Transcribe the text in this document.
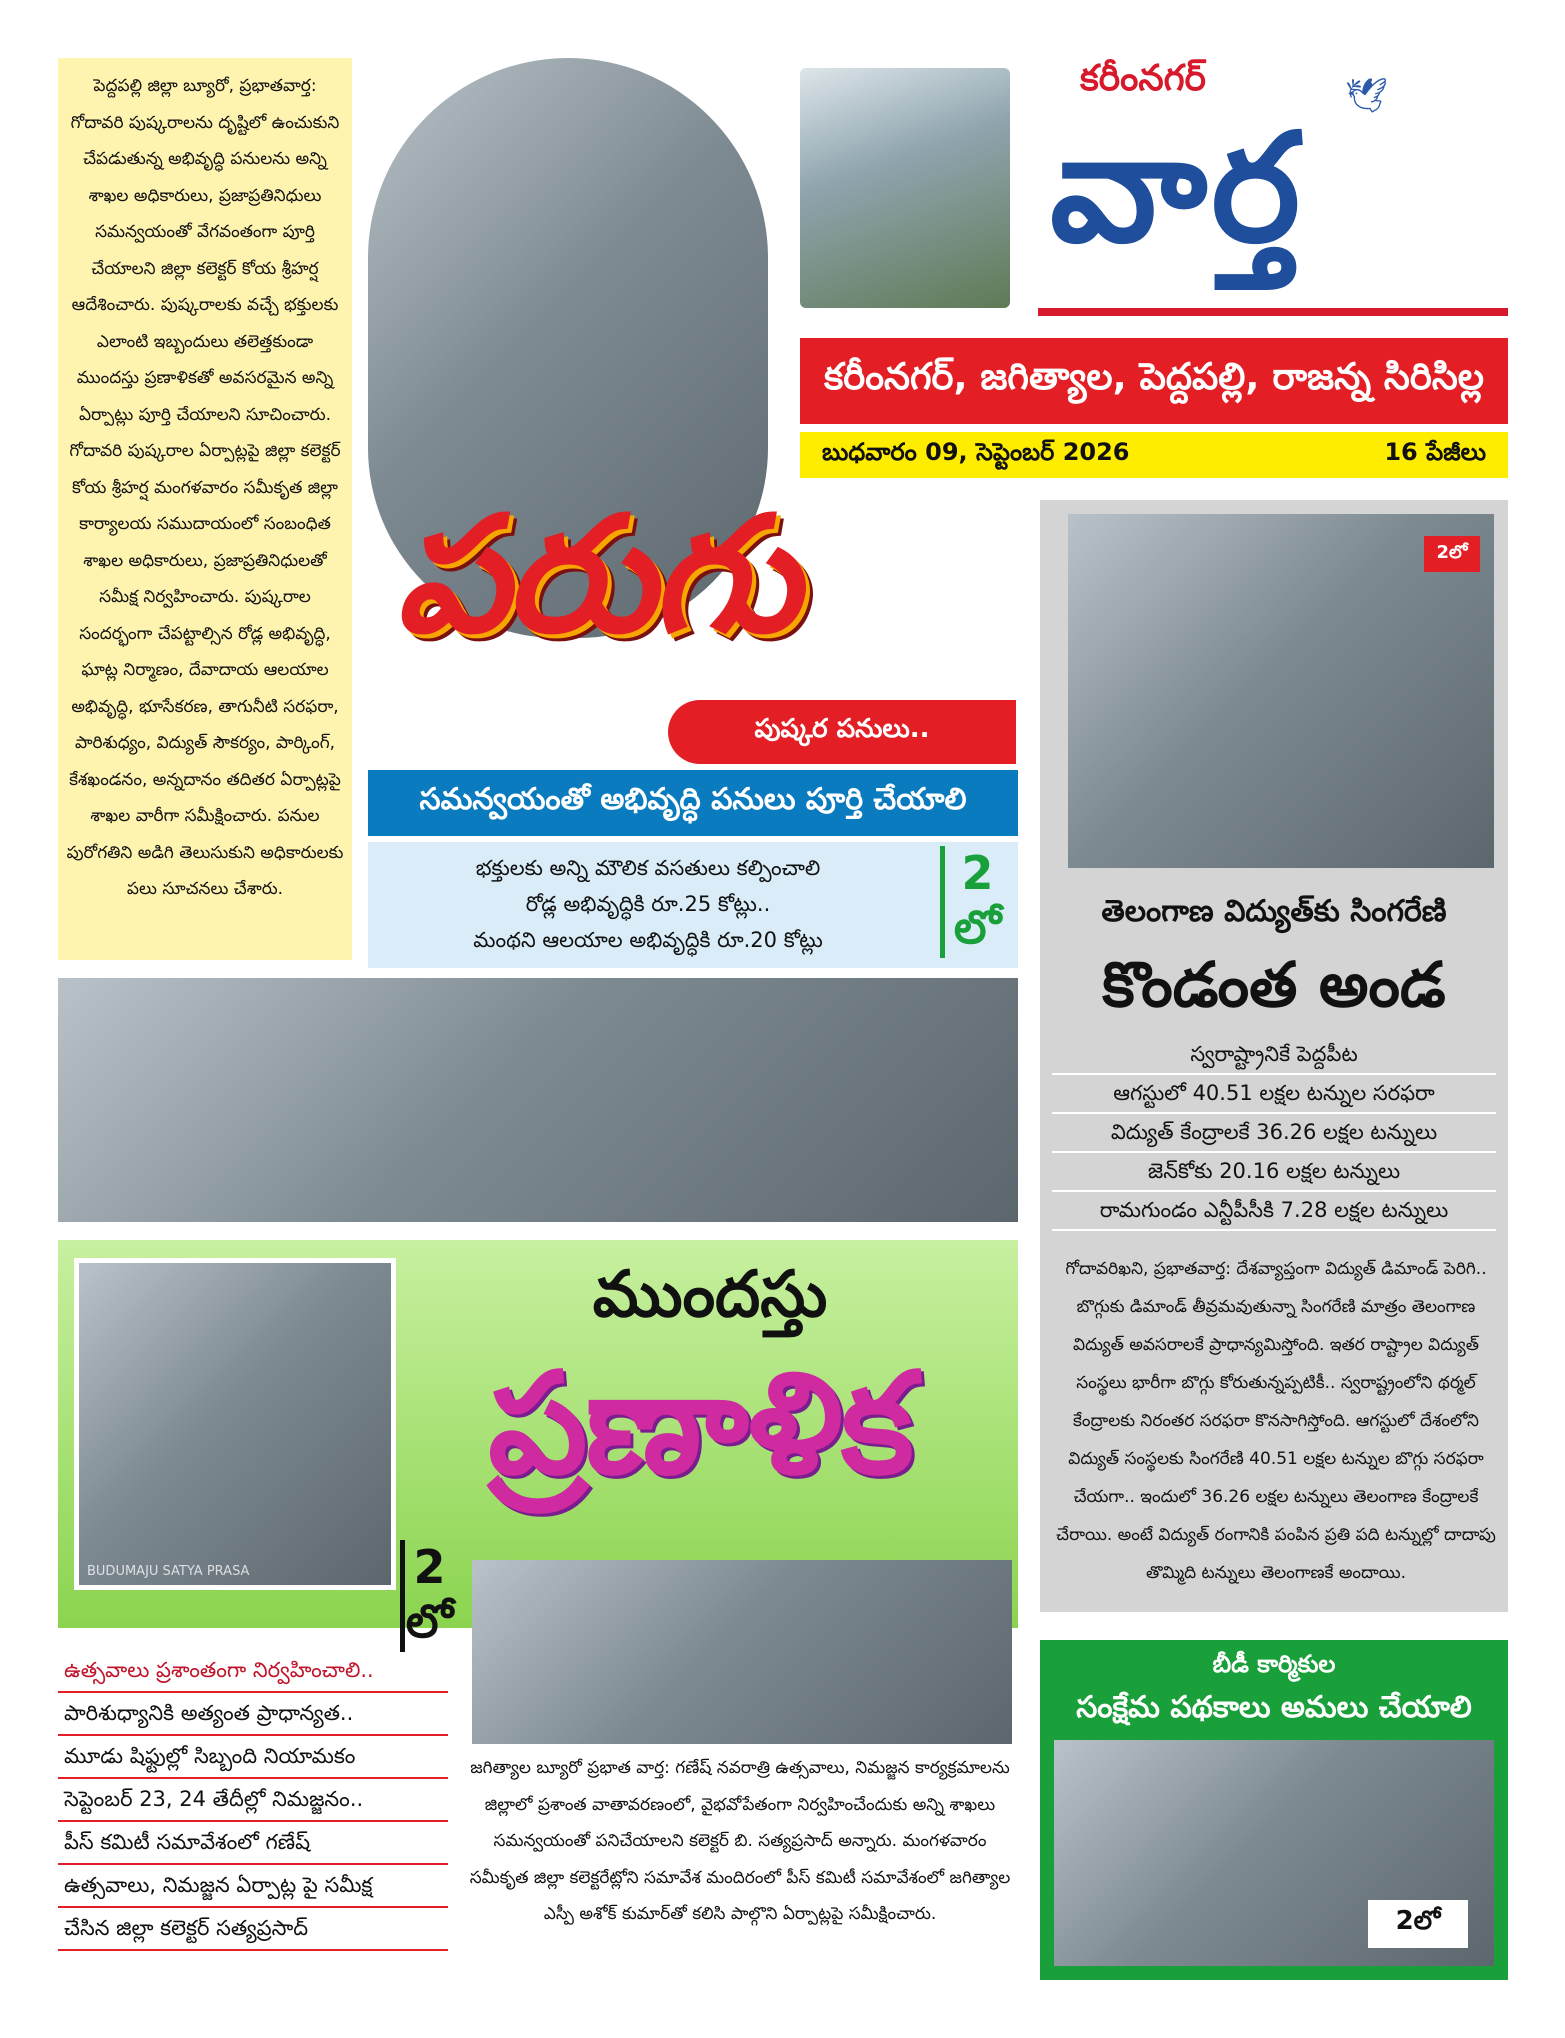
పెద్దపల్లి జిల్లా బ్యూరో, ప్రభాతవార్త: గోదావరి పుష్కరాలను దృష్టిలో ఉంచుకుని చేపడుతున్న అభివృద్ధి పనులను అన్ని శాఖల అధికారులు, ప్రజాప్రతినిధులు సమన్వయంతో వేగవంతంగా పూర్తి చేయాలని జిల్లా కలెక్టర్ కోయ శ్రీహర్ష ఆదేశించారు. పుష్కరాలకు వచ్చే భక్తులకు ఎలాంటి ఇబ్బందులు తలెత్తకుండా ముందస్తు ప్రణాళికతో అవసరమైన అన్ని ఏర్పాట్లు పూర్తి చేయాలని సూచించారు. గోదావరి పుష్కరాల ఏర్పాట్లపై జిల్లా కలెక్టర్ కోయ శ్రీహర్ష మంగళవారం సమీకృత జిల్లా కార్యాలయ సముదాయంలో సంబంధిత శాఖల అధికారులు, ప్రజాప్రతినిధులతో సమీక్ష నిర్వహించారు. పుష్కరాల సందర్భంగా చేపట్టాల్సిన రోడ్ల అభివృద్ధి, ఘాట్ల నిర్మాణం, దేవాదాయ ఆలయాల అభివృద్ధి, భూసేకరణ, తాగునీటి సరఫరా, పారిశుధ్యం, విద్యుత్ సౌకర్యం, పార్కింగ్, కేశఖండనం, అన్నదానం తదితర ఏర్పాట్లపై శాఖల వారీగా సమీక్షించారు. పనుల పురోగతిని అడిగి తెలుసుకుని అధికారులకు పలు సూచనలు చేశారు.

కరీంనగర్	🕊
వార్త
కరీంనగర్, జగిత్యాల, పెద్దపల్లి, రాజన్న సిరిసిల్ల
బుధవారం 09, సెప్టెంబర్ 2026	16 పేజీలు
పరుగు
పుష్కర పనులు..
సమన్వయంతో అభివృద్ధి పనులు పూర్తి చేయాలి

భక్తులకు అన్ని మౌలిక వసతులు కల్పించాలి

రోడ్ల అభివృద్ధికి రూ.25 కోట్లు..

మంథని ఆలయాల అభివృద్ధికి రూ.20 కోట్లు

2
లో
2లో
తెలంగాణ విద్యుత్‌కు సింగరేణి
కొండంత అండ
స్వరాష్ట్రానికే పెద్దపీట
ఆగస్టులో 40.51 లక్షల టన్నుల సరఫరా
విద్యుత్ కేంద్రాలకే 36.26 లక్షల టన్నులు
జెన్‌కోకు 20.16 లక్షల టన్నులు
రామగుండం ఎన్టీపీసీకి 7.28 లక్షల టన్నులు

గోదావరిఖని, ప్రభాతవార్త: దేశవ్యాప్తంగా విద్యుత్ డిమాండ్ పెరిగి.. బొగ్గుకు డిమాండ్ తీవ్రమవుతున్నా సింగరేణి మాత్రం తెలంగాణ విద్యుత్ అవసరాలకే ప్రాధాన్యమిస్తోంది. ఇతర రాష్ట్రాల విద్యుత్ సంస్థలు భారీగా బొగ్గు కోరుతున్నప్పటికీ.. స్వరాష్ట్రంలోని థర్మల్ కేంద్రాలకు నిరంతర సరఫరా కొనసాగిస్తోంది. ఆగస్టులో దేశంలోని విద్యుత్ సంస్థలకు సింగరేణి 40.51 లక్షల టన్నుల బొగ్గు సరఫరా చేయగా.. ఇందులో 36.26 లక్షల టన్నులు తెలంగాణ కేంద్రాలకే చేరాయి. అంటే విద్యుత్ రంగానికి పంపిన ప్రతి పది టన్నుల్లో దాదాపు తొమ్మిది టన్నులు తెలంగాణకే అందాయి.

బీడీ కార్మికుల
సంక్షేమ పథకాలు అమలు చేయాలి
2లో
BUDUMAJU SATYA PRASA
ముందస్తు
ప్రణాళిక
2
లో
ఉత్సవాలు ప్రశాంతంగా నిర్వహించాలి..
పారిశుధ్యానికి అత్యంత ప్రాధాన్యత..
మూడు షిఫ్టుల్లో సిబ్బంది నియామకం
సెప్టెంబర్ 23, 24 తేదీల్లో నిమజ్జనం..
పీస్ కమిటీ సమావేశంలో గణేష్
ఉత్సవాలు, నిమజ్జన ఏర్పాట్ల పై సమీక్ష
చేసిన జిల్లా కలెక్టర్ సత్యప్రసాద్

జగిత్యాల బ్యూరో ప్రభాత వార్త: గణేష్ నవరాత్రి ఉత్సవాలు, నిమజ్జన కార్యక్రమాలను జిల్లాలో ప్రశాంత వాతావరణంలో, వైభవోపేతంగా నిర్వహించేందుకు అన్ని శాఖలు సమన్వయంతో పనిచేయాలని కలెక్టర్ బి. సత్యప్రసాద్ అన్నారు. మంగళవారం సమీకృత జిల్లా కలెక్టరేట్లోని సమావేశ మందిరంలో పీస్ కమిటీ సమావేశంలో జగిత్యాల ఎస్పీ అశోక్ కుమార్‌తో కలిసి పాల్గొని ఏర్పాట్లపై సమీక్షించారు.
